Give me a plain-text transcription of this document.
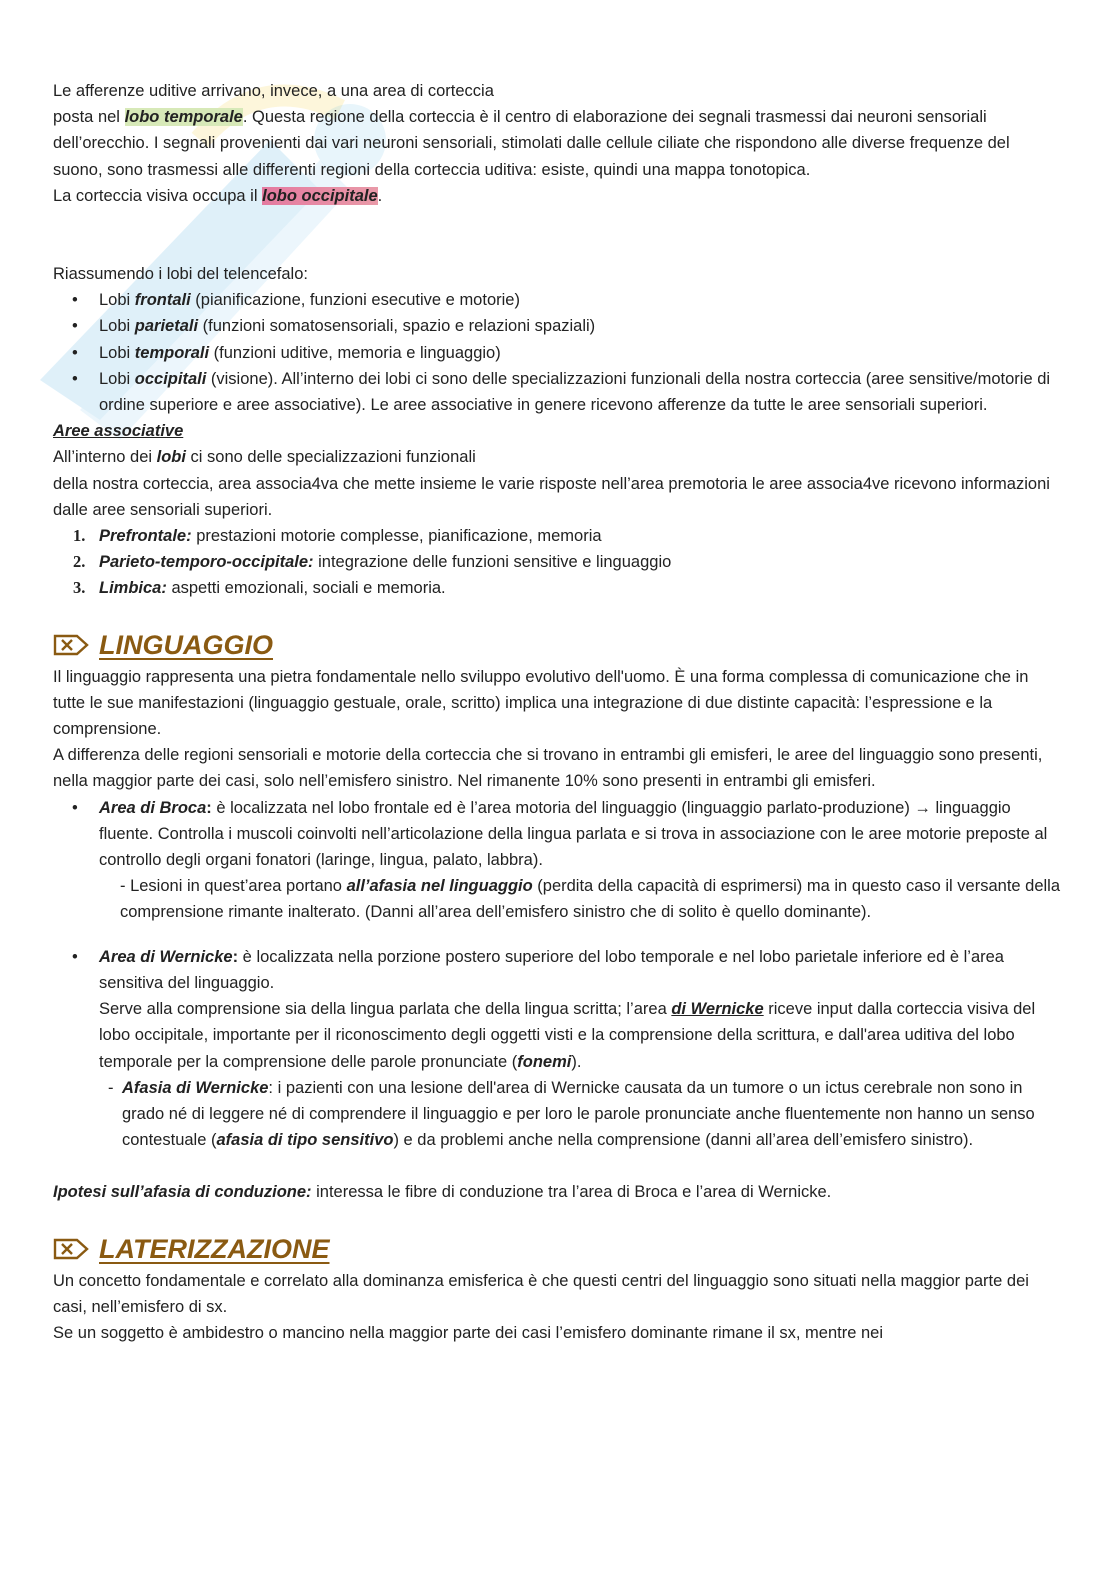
Le afferenze uditive arrivano, invece, a una area di corteccia

posta nel lobo temporale. Questa regione della corteccia è il centro di elaborazione dei segnali trasmessi dai neuroni sensoriali dell’orecchio. I segnali provenienti dai vari neuroni sensoriali, stimolati dalle cellule ciliate che rispondono alle diverse frequenze del suono, sono trasmessi alle differenti regioni della corteccia uditiva: esiste, quindi una mappa tonotopica.

La corteccia visiva occupa il lobo occipitale.

Riassumendo i lobi del telencefalo:

• Lobi frontali (pianificazione, funzioni esecutive e motorie)
• Lobi parietali (funzioni somatosensoriali, spazio e relazioni spaziali)
• Lobi temporali (funzioni uditive, memoria e linguaggio)
• Lobi occipitali (visione). All’interno dei lobi ci sono delle specializzazioni funzionali della nostra corteccia (aree sensitive/motorie di ordine superiore e aree associative). Le aree associative in genere ricevono afferenze da tutte le aree sensoriali superiori.

Aree associative

All’interno dei lobi ci sono delle specializzazioni funzionali

della nostra corteccia, area associa4va che mette insieme le varie risposte nell’area premotoria le aree associa4ve ricevono informazioni dalle aree sensoriali superiori.

1. Prefrontale: prestazioni motorie complesse, pianificazione, memoria
2. Parieto-temporo-occipitale: integrazione delle funzioni sensitive e linguaggio
3. Limbica: aspetti emozionali, sociali e memoria.
LINGUAGGIO

Il linguaggio rappresenta una pietra fondamentale nello sviluppo evolutivo dell'uomo. È una forma complessa di comunicazione che in tutte le sue manifestazioni (linguaggio gestuale, orale, scritto) implica una integrazione di due distinte capacità: l’espressione e la comprensione.

A differenza delle regioni sensoriali e motorie della corteccia che si trovano in entrambi gli emisferi, le aree del linguaggio sono presenti, nella maggior parte dei casi, solo nell’emisfero sinistro. Nel rimanente 10% sono presenti in entrambi gli emisferi.

• Area di Broca: è localizzata nel lobo frontale ed è l’area motoria del linguaggio (linguaggio parlato-produzione) → linguaggio fluente. Controlla i muscoli coinvolti nell’articolazione della lingua parlata e si trova in associazione con le aree motorie preposte al controllo degli organi fonatori (laringe, lingua, palato, labbra).

- Lesioni in quest’area portano all’afasia nel linguaggio (perdita della capacità di esprimersi) ma in questo caso il versante della comprensione rimante inalterato. (Danni all’area dell’emisfero sinistro che di solito è quello dominante).

• Area di Wernicke: è localizzata nella porzione postero superiore del lobo temporale e nel lobo parietale inferiore ed è l’area sensitiva del linguaggio.
Serve alla comprensione sia della lingua parlata che della lingua scritta; l’area di Wernicke riceve input dalla corteccia visiva del lobo occipitale, importante per il riconoscimento degli oggetti visti e la comprensione della scrittura, e dall'area uditiva del lobo temporale per la comprensione delle parole pronunciate (fonemi).

- Afasia di Wernicke: i pazienti con una lesione dell'area di Wernicke causata da un tumore o un ictus cerebrale non sono in grado né di leggere né di comprendere il linguaggio e per loro le parole pronunciate anche fluentemente non hanno un senso contestuale (afasia di tipo sensitivo) e da problemi anche nella comprensione (danni all’area dell’emisfero sinistro).

Ipotesi sull’afasia di conduzione: interessa le fibre di conduzione tra l’area di Broca e l’area di Wernicke.

LATERIZZAZIONE

Un concetto fondamentale e correlato alla dominanza emisferica è che questi centri del linguaggio sono situati nella maggior parte dei casi, nell’emisfero di sx.

Se un soggetto è ambidestro o mancino nella maggior parte dei casi l’emisfero dominante rimane il sx, mentre nei
